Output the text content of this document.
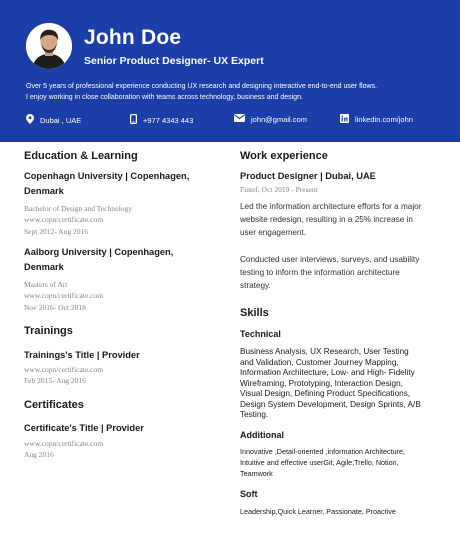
John Doe
Senior Product Designer- UX Expert
Over 5 years of professional experience conducting UX research and designing interactive end-to-end user flows.
I enjoy working in close collaboration with teams across technology, business and design.
Dubai , UAE	+977 4343 443	john@gmail.com	linkedin.com/john
Education & Learning
Copenhagn University | Copenhagen,
Denmark
Bachelor of Design and Technology
www.copn/certificate.com
Sept 2012- Aug 2016
Aalborg University | Copenhagen,
Denmark
Masters of Art
www.copn/certificate.com
Nov 2016- Oct 2018
Trainings
Trainings's Title | Provider
www.copn/certificate.com
Feb 2015- Aug 2016
Certificates
Certificate's Title | Provider
www.copn/certificate.com
Aug 2016
Work experience
Product Designer | Dubai, UAE
Fintef, Oct 2019 - Present
Led the information architecture efforts for a major
website redesign, resulting in a 25% increase in
user engagement.
Conducted user interviews, surveys, and usability
testing to inform the information architecture
strategy.
Skills
Technical
Business Analysis, UX Research, User Testing
and Validation, Customer Journey Mapping,
Information Architecture, Low- and High- Fidelity
Wireframing, Prototyping, Interaction Design,
Visual Design, Defining Product Specifications,
Design System Development, Design Sprints, A/B
Testing.
Additional
Innovative ,Detail-oriented ,information Architecture,
Intuitive and effective userGit, Agile,Trello, Notion,
Teamwork
Soft
Leadership,Quick Learner, Passionate, Proactive
